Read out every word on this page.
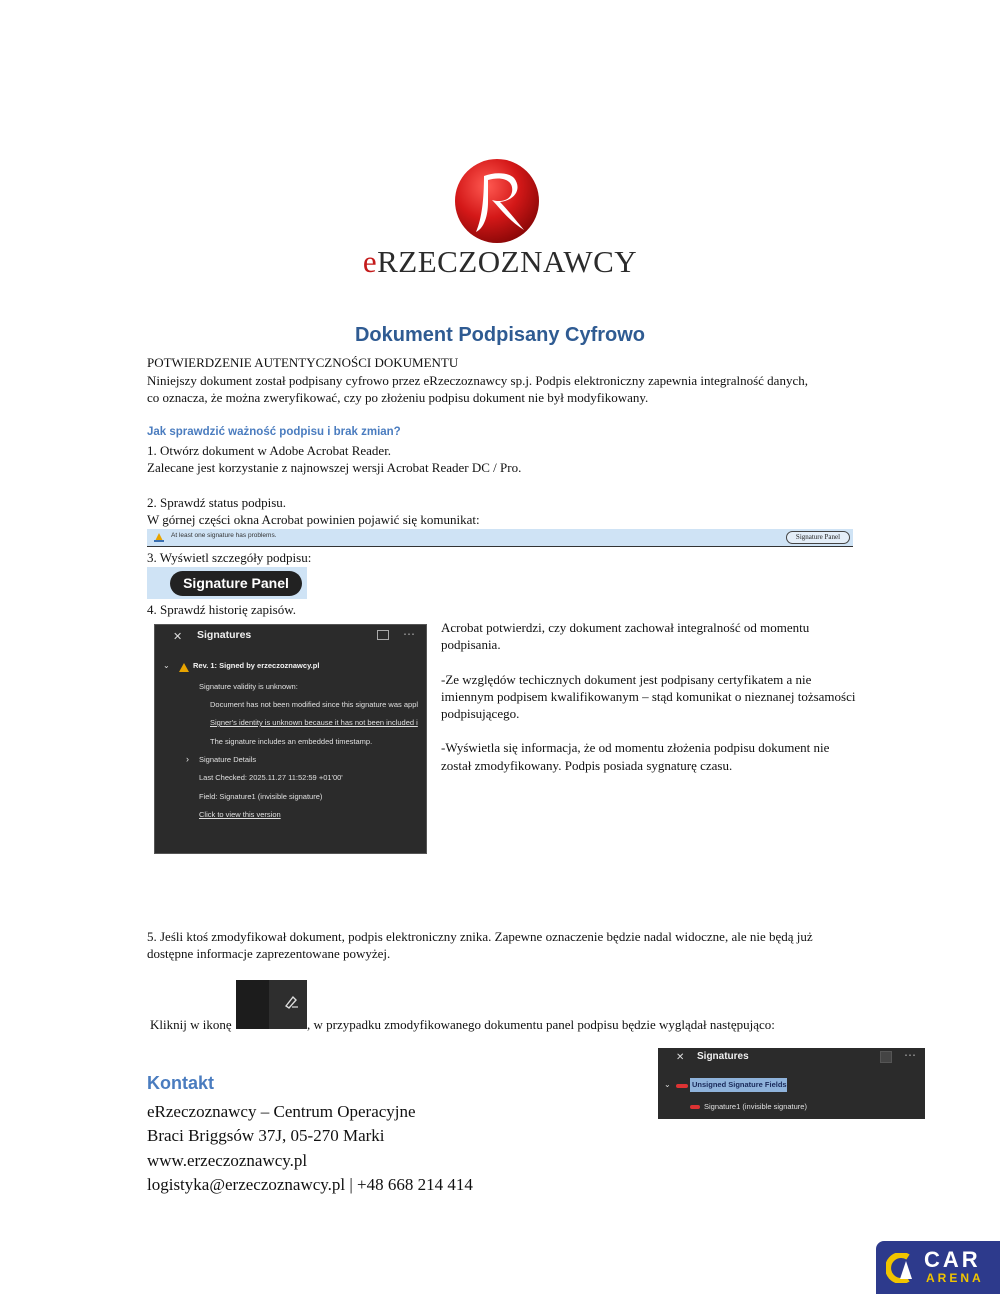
eRZECZOZNAWCY
Dokument Podpisany Cyfrowo
POTWIERDZENIE AUTENTYCZNOŚCI DOKUMENTU
Niniejszy dokument został podpisany cyfrowo przez eRzeczoznawcy sp.j. Podpis elektroniczny zapewnia integralność danych,
co oznacza, że można zweryfikować, czy po złożeniu podpisu dokument nie był modyfikowany.
Jak sprawdzić ważność podpisu i brak zmian?
1. Otwórz dokument w Adobe Acrobat Reader.
Zalecane jest korzystanie z najnowszej wersji Acrobat Reader DC / Pro.
2. Sprawdź status podpisu.
W górnej części okna Acrobat powinien pojawić się komunikat:
At least one signature has problems.	Signature Panel
3. Wyświetl szczegóły podpisu:
Signature Panel
4. Sprawdź historię zapisów.
✕ Signatures	⋯
⌄	Rev. 1: Signed by erzeczoznawcy.pl
Signature validity is unknown:
Document has not been modified since this signature was appl
Signer's identity is unknown because it has not been included i
The signature includes an embedded timestamp.
› Signature Details
Last Checked: 2025.11.27 11:52:59 +01'00'
Field: Signature1 (invisible signature)
Click to view this version

Acrobat potwierdzi, czy dokument zachował integralność od momentu podpisania.

-Ze względów techicznych dokument jest podpisany certyfikatem a nie imiennym podpisem kwalifikowanym – stąd komunikat o nieznanej tożsamości podpisującego.

-Wyświetla się informacja, że od momentu złożenia podpisu dokument nie został zmodyfikowany. Podpis posiada sygnaturę czasu.

5. Jeśli ktoś zmodyfikował dokument, podpis elektroniczny znika. Zapewne oznaczenie będzie nadal widoczne, ale nie będą już
dostępne informacje zaprezentowane powyżej.
Kliknij w ikonę	, w przypadku zmodyfikowanego dokumentu panel podpisu będzie wyglądał następująco:
✕ Signatures	⋯
⌄	Unsigned Signature Fields
Signature1 (invisible signature)
Kontakt
eRzeczoznawcy – Centrum Operacyjne
Braci Briggsów 37J, 05-270 Marki
www.erzeczoznawcy.pl
logistyka@erzeczoznawcy.pl | +48 668 214 414
CAR
ARENA
